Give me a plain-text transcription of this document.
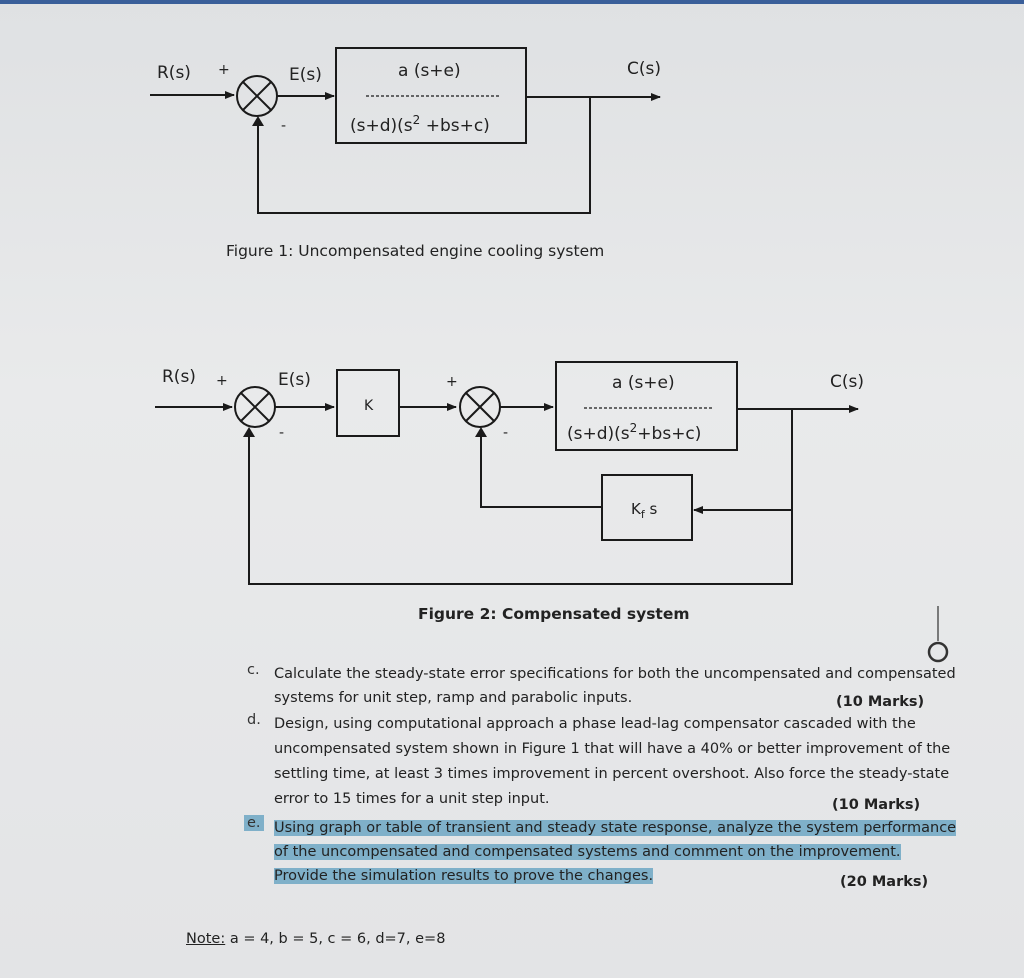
R(s) +
-
E(s)	a (s+e)
$(s+d)(s^2 +bs+c)$
C(s)
Figure 1: Uncompensated engine cooling system
R(s) +
-
E(s)
K
+
-
a (s+e)
$(s+d)(s^2+bs+c)$
C(s)
$K_f$ s
Figure 2: Compensated system
c. Calculate the steady-state error specifications for both the uncompensated and compensated
systems for unit step, ramp and parabolic inputs.	(10 Marks)
d. Design, using computational approach a phase lead-lag compensator cascaded with the
uncompensated system shown in Figure 1 that will have a 40% or better improvement of the
settling time, at least 3 times improvement in percent overshoot. Also force the steady-state
error to 15 times for a unit step input.	(10 Marks)
e. Using graph or table of transient and steady state response, analyze the system performance
of the uncompensated and compensated systems and comment on the improvement.
Provide the simulation results to prove the changes.	(20 Marks)
Note: a = 4, b = 5, c = 6, d=7, e=8
